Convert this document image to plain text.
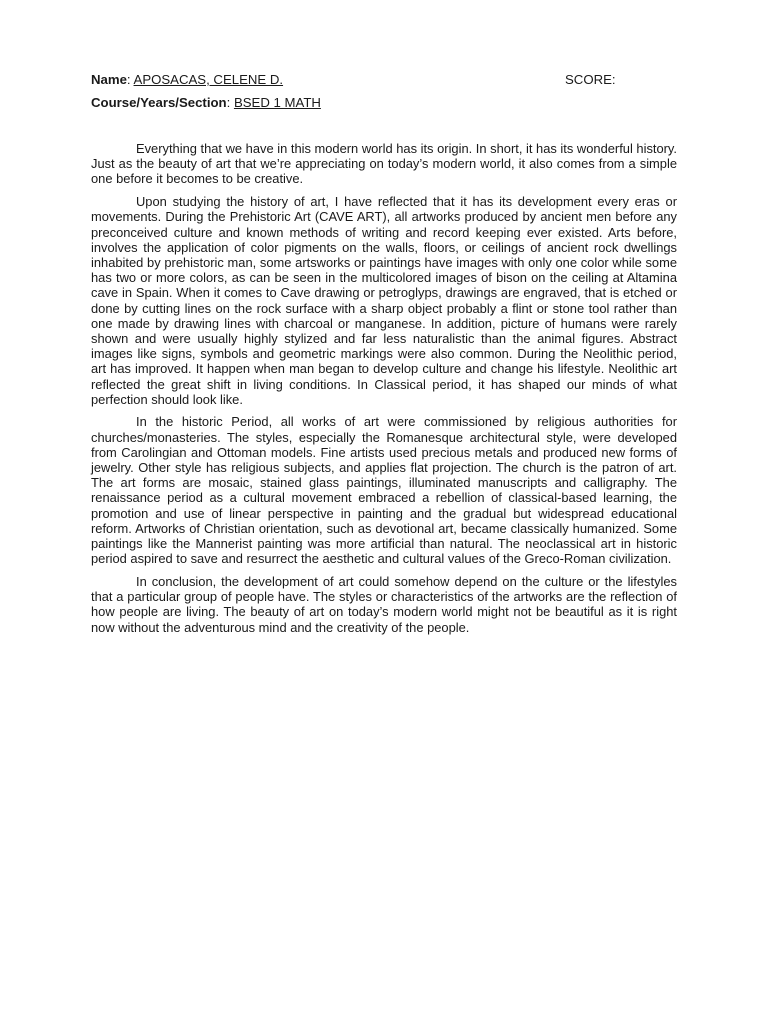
Name: APOSACAS, CELENE D.	SCORE:
Course/Years/Section: BSED 1 MATH

Everything that we have in this modern world has its origin. In short, it has its wonderful history. Just as the beauty of art that we’re appreciating on today’s modern world, it also comes from a simple one before it becomes to be creative.

Upon studying the history of art, I have reflected that it has its development every eras or movements. During the Prehistoric Art (CAVE ART), all artworks produced by ancient men before any preconceived culture and known methods of writing and record keeping ever existed. Arts before, involves the application of color pigments on the walls, floors, or ceilings of ancient rock dwellings inhabited by prehistoric man, some artsworks or paintings have images with only one color while some has two or more colors, as can be seen in the multicolored images of bison on the ceiling at Altamina cave in Spain. When it comes to Cave drawing or petroglyps, drawings are engraved, that is etched or done by cutting lines on the rock surface with a sharp object probably a flint or stone tool rather than one made by drawing lines with charcoal or manganese. In addition, picture of humans were rarely shown and were usually highly stylized and far less naturalistic than the animal figures. Abstract images like signs, symbols and geometric markings were also common. During the Neolithic period, art has improved. It happen when man began to develop culture and change his lifestyle. Neolithic art reflected the great shift in living conditions. In Classical period, it has shaped our minds of what perfection should look like.

In the historic Period, all works of art were commissioned by religious authorities for churches/monasteries. The styles, especially the Romanesque architectural style, were developed from Carolingian and Ottoman models. Fine artists used precious metals and produced new forms of jewelry. Other style has religious subjects, and applies flat projection. The church is the patron of art. The art forms are mosaic, stained glass paintings, illuminated manuscripts and calligraphy. The renaissance period as a cultural movement embraced a rebellion of classical-based learning, the promotion and use of linear perspective in painting and the gradual but widespread educational reform. Artworks of Christian orientation, such as devotional art, became classically humanized. Some paintings like the Mannerist painting was more artificial than natural. The neoclassical art in historic period aspired to save and resurrect the aesthetic and cultural values of the Greco-Roman civilization.

In conclusion, the development of art could somehow depend on the culture or the lifestyles that a particular group of people have. The styles or characteristics of the artworks are the reflection of how people are living. The beauty of art on today’s modern world might not be beautiful as it is right now without the adventurous mind and the creativity of the people.
